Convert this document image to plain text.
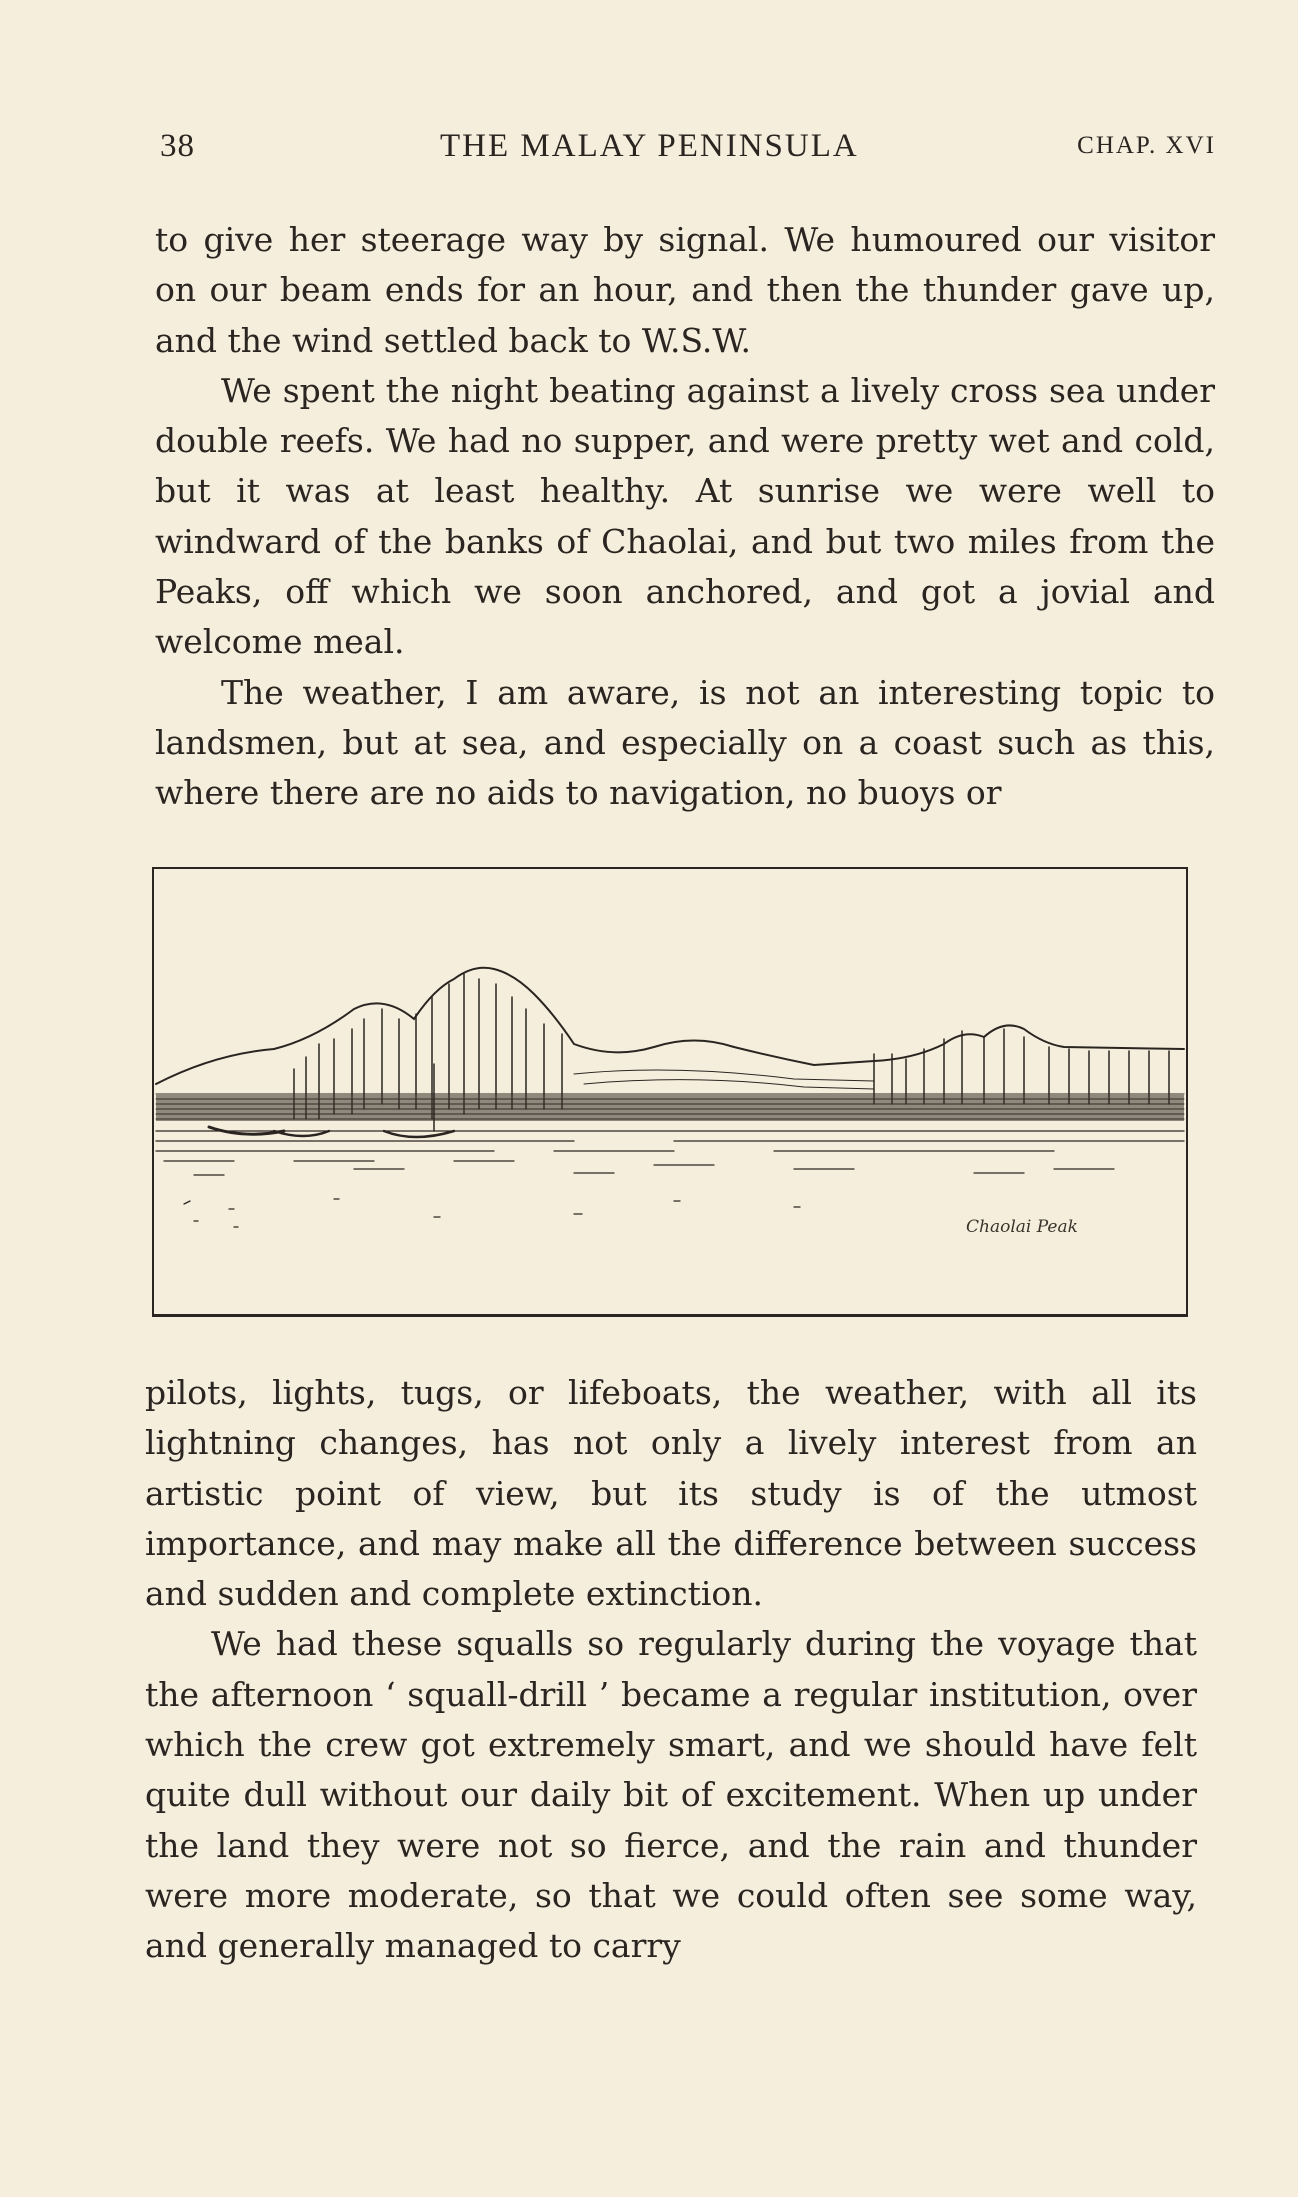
38	THE MALAY PENINSULA	CHAP. XVI

to give her steerage way by signal. We humoured our visitor on our beam ends for an hour, and then the thunder gave up, and the wind settled back to W.S.W.

We spent the night beating against a lively cross sea under double reefs. We had no supper, and were pretty wet and cold, but it was at least healthy. At sunrise we were well to windward of the banks of Chaolai, and but two miles from the Peaks, off which we soon anchored, and got a jovial and welcome meal.

The weather, I am aware, is not an interesting topic to landsmen, but at sea, and especially on a coast such as this, where there are no aids to navigation, no buoys or

Chaolai Peak

pilots, lights, tugs, or lifeboats, the weather, with all its lightning changes, has not only a lively interest from an artistic point of view, but its study is of the utmost importance, and may make all the difference between success and sudden and complete extinction.

We had these squalls so regularly during the voyage that the afternoon ‘ squall-drill ’ became a regular institution, over which the crew got extremely smart, and we should have felt quite dull without our daily bit of excitement. When up under the land they were not so fierce, and the rain and thunder were more moderate, so that we could often see some way, and generally managed to carry
